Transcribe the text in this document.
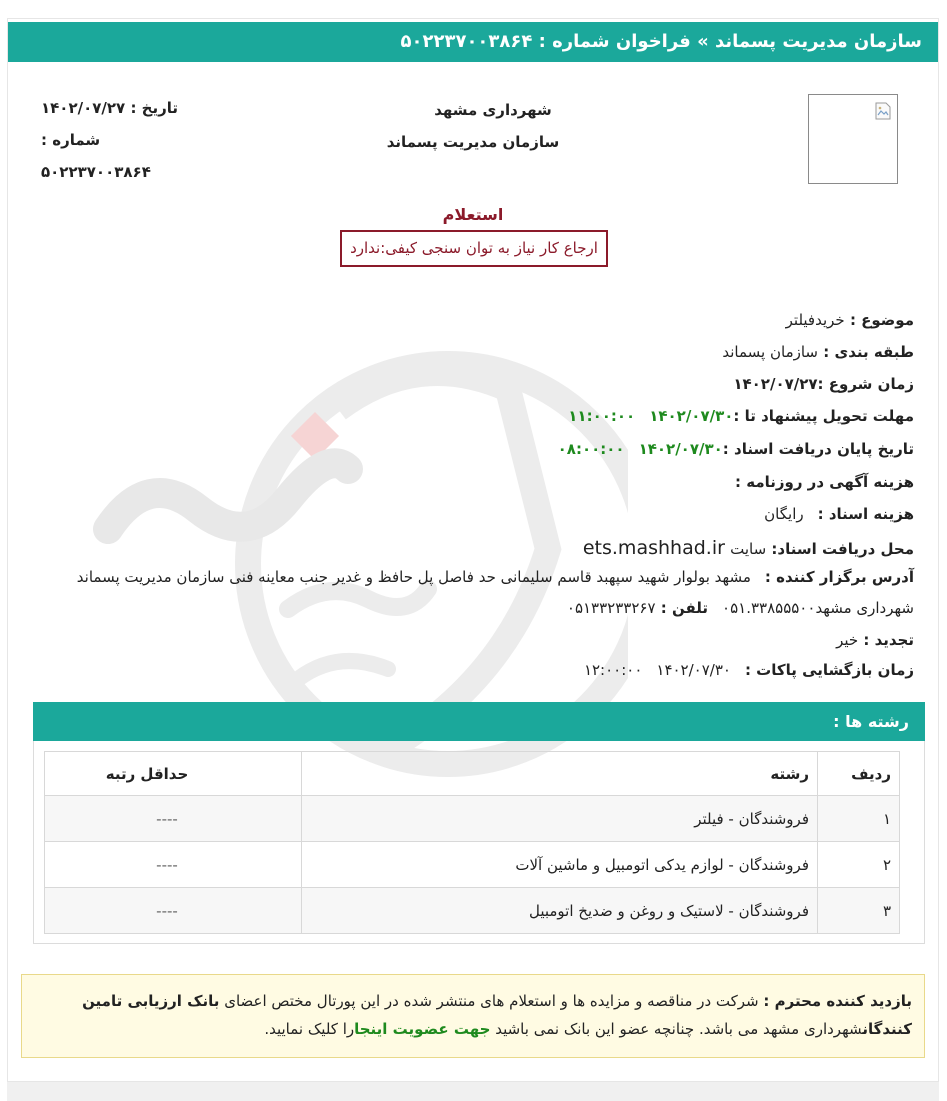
سازمان مدیریت پسماند » فراخوان شماره : ۵۰۲۲۳۷۰۰۳۸۶۴
شهرداری مشهد
سازمان مدیریت پسماند
تاریخ : ۱۴۰۲/۰۷/۲۷
شماره :
۵۰۲۲۳۷۰۰۳۸۶۴
استعلام
ارجاع کار نیاز به توان سنجی کیفی:ندارد
موضوع : خریدفیلتر
طبقه بندی : سازمان پسماند
زمان شروع :۱۴۰۲/۰۷/۲۷
مهلت تحویل پیشنهاد تا :۱۴۰۲/۰۷/۳۰۱۱:۰۰:۰۰
تاریخ پایان دریافت اسناد :۱۴۰۲/۰۷/۳۰۰۸:۰۰:۰۰
هزینه آگهی در روزنامه :
هزینه اسناد :رایگان
محل دریافت اسناد: سایت ets.mashhad.ir
آدرس برگزار کننده :مشهد بولوار شهید سپهبد قاسم سلیمانی حد فاصل پل حافظ و غدیر جنب معاینه فنی سازمان مدیریت پسماند
شهرداری مشهد۰۵۱.۳۳۸۵۵۵۰۰تلفن : ۰۵۱۳۳۲۳۳۲۶۷
تجدید : خیر
زمان بازگشایی پاکات :۱۴۰۲/۰۷/۳۰۱۲:۰۰:۰۰
رشته ها :
ردیف	رشته	حداقل رتبه
۱	فروشندگان - فیلتر	----
۲	فروشندگان - لوازم یدکی اتومبیل و ماشین آلات	----
۳	فروشندگان - لاستیک و روغن و ضدیخ اتومبیل	----
بازدید کننده محترم : شرکت در مناقصه و مزایده ها و استعلام های منتشر شده در این پورتال مختص اعضای بانک ارزیابی تامین کنندگانشهرداری مشهد می باشد. چنانچه عضو این بانک نمی باشید جهت عضویت اینجارا کلیک نمایید.
